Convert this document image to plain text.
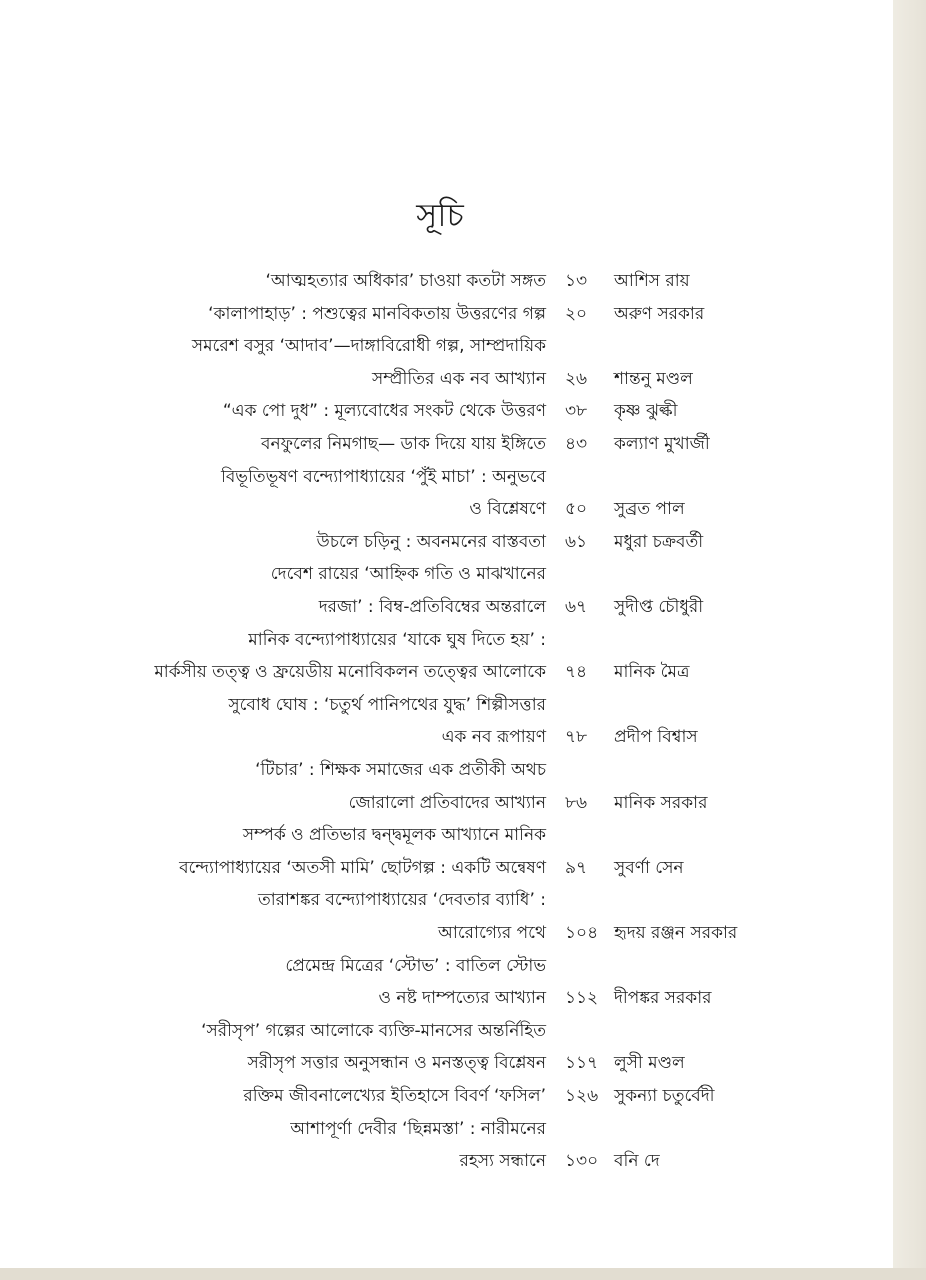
সূচি
‘আত্মহত্যার অধিকার’ চাওয়া কতটা সঙ্গত ১৩	আশিস রায়
‘কালাপাহাড়’ : পশুত্বের মানবিকতায় উত্তরণের গল্প ২০	অরুণ সরকার
সমরেশ বসুর ‘আদাব’—দাঙ্গাবিরোধী গল্প, সাম্প্রদায়িক
সম্প্রীতির এক নব আখ্যান ২৬	শান্তনু মণ্ডল
“এক পো দুধ” : মূল্যবোধের সংকট থেকে উত্তরণ ৩৮	কৃষ্ণ ঝুল্কী
বনফুলের নিমগাছ— ডাক দিয়ে যায় ইঙ্গিতে ৪৩	কল্যাণ মুখার্জী
বিভূতিভূষণ বন্দ্যোপাধ্যায়ের ‘পুঁই মাচা’ : অনুভবে
ও বিশ্লেষণে ৫০	সুব্রত পাল
উচলে চড়িনু : অবনমনের বাস্তবতা ৬১	মধুরা চক্রবর্তী
দেবেশ রায়ের ‘আহ্নিক গতি ও মাঝখানের
দরজা’ : বিম্ব-প্রতিবিম্বের অন্তরালে ৬৭	সুদীপ্ত চৌধুরী
মানিক বন্দ্যোপাধ্যায়ের ‘যাকে ঘুষ দিতে হয়’ :
মার্কসীয় তত্ত্ব ও ফ্রয়েডীয় মনোবিকলন তত্ত্বের আলোকে ৭৪	মানিক মৈত্র
সুবোধ ঘোষ : ‘চতুর্থ পানিপথের যুদ্ধ’ শিল্পীসত্তার
এক নব রূপায়ণ ৭৮	প্রদীপ বিশ্বাস
‘টিচার’ : শিক্ষক সমাজের এক প্রতীকী অথচ
জোরালো প্রতিবাদের আখ্যান ৮৬	মানিক সরকার
সম্পর্ক ও প্রতিভার দ্বন্দ্বমূলক আখ্যানে মানিক
বন্দ্যোপাধ্যায়ের ‘অতসী মামি’ ছোটগল্প : একটি অন্বেষণ ৯৭	সুবর্ণা সেন
তারাশঙ্কর বন্দ্যোপাধ্যায়ের ‘দেবতার ব্যাধি’ :
আরোগ্যের পথে ১০৪ হৃদয় রঞ্জন সরকার
প্রেমেন্দ্র মিত্রের ‘স্টোভ’ : বাতিল স্টোভ
ও নষ্ট দাম্পত্যের আখ্যান ১১২ দীপঙ্কর সরকার
‘সরীসৃপ’ গল্পের আলোকে ব্যক্তি-মানসের অন্তর্নিহিত
সরীসৃপ সত্তার অনুসন্ধান ও মনস্তত্ত্ব বিশ্লেষন ১১৭ লুসী মণ্ডল
রক্তিম জীবনালেখ্যের ইতিহাসে বিবর্ণ ‘ফসিল’ ১২৬ সুকন্যা চতুর্বেদী
আশাপূর্ণা দেবীর ‘ছিন্নমস্তা’ : নারীমনের
রহস্য সন্ধানে ১৩০ বনি দে
